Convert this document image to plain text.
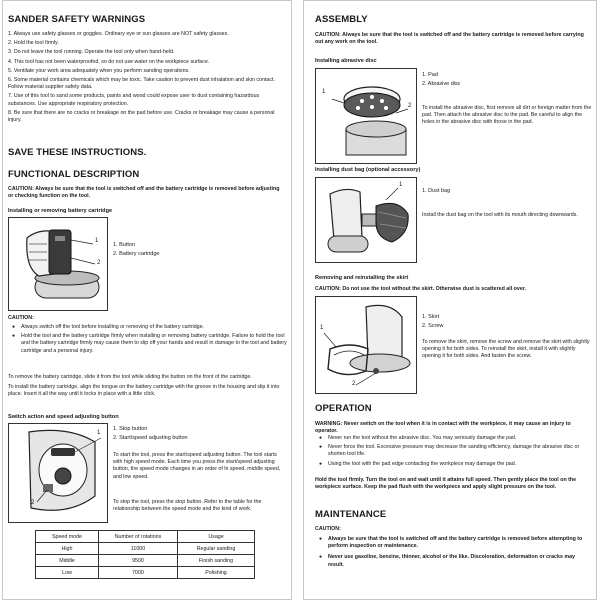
SANDER SAFETY WARNINGS
1. Always use safety glasses or goggles. Ordinary eye or sun glasses are NOT safety glasses.
2. Hold the tool firmly.
3. Do not leave the tool running. Operate the tool only when hand-held.
4. This tool has not been waterproofed, so do not use water on the workpiece surface.
5. Ventilate your work area adequately when you perform sanding operations.
6. Some material contains chemicals which may be toxic. Take caution to prevent dust inhalation and skin contact. Follow material supplier safety data.
7. Use of this tool to sand some products, paints and wood could expose user to dust containing hazardous substances. Use appropriate respiratory protection.
8. Be sure that there are no cracks or breakage on the pad before use. Cracks or breakage may cause a personal injury.
SAVE THESE INSTRUCTIONS.
FUNCTIONAL DESCRIPTION
CAUTION: Always be sure that the tool is switched off and the battery cartridge is removed before adjusting or checking function on the tool.
Installing or removing battery cartridge
1
2
1. Button
2. Battery cartridge
CAUTION:
● Always switch off the tool before installing or removing of the battery cartridge.
● Hold the tool and the battery cartridge firmly when installing or removing battery cartridge. Failure to hold the tool and the battery cartridge firmly may cause them to slip off your hands and result in damage to the tool and battery cartridge and a personal injury.
To remove the battery cartridge, slide it from the tool while sliding the button on the front of the cartridge.
To install the battery cartridge, align the tongue on the battery cartridge with the groove in the housing and slip it into place. Insert it all the way until it locks in place with a little click.
Switch action and speed adjusting button
1
2
1. Stop button
2. Start/speed adjusting button
To start the tool, press the start/speed adjusting button. The tool starts with high speed mode. Each time you press the start/speed adjusting button, the speed mode changes in an order of hi speed, middle speed, and low speed.
To stop the tool, press the stop button. Refer to the table for the relationship between the speed mode and the kind of work.
Speed mode	Number of rotations	Usage
High	11000	Regular sanding
Middle	9500	Finish sanding
Low	7000	Polishing
ASSEMBLY
CAUTION: Always be sure that the tool is switched off and the battery cartridge is removed before carrying out any work on the tool.
Installing abrasive disc
1
2
1. Pad
2. Abrasive disc
To install the abrasive disc, first remove all dirt or foreign matter from the pad. Then attach the abrasive disc to the pad. Be careful to align the holes in the abrasive disc with those in the pad.
Installing dust bag (optional accessory)
1
1. Dust bag
Install the dust bag on the tool with its mouth directing downwards.
Removing and reinstalling the skirt
CAUTION: Do not use the tool without the skirt. Otherwise dust is scattered all over.
1
2
1. Skirt
2. Screw
To remove the skirt, remove the screw and remove the skirt with slightly opening it for both sides. To reinstall the skirt, install it with slightly opening it for both sides. And fasten the screw.
OPERATION
WARNING: Never switch on the tool when it is in contact with the workpiece, it may cause an injury to operator.
● Never run the tool without the abrasive disc. You may seriously damage the pad.
● Never force the tool. Excessive pressure may decrease the sanding efficiency, damage the abrasive disc or shorten tool life.
● Using the tool with the pad edge contacting the workpiece may damage the pad.
Hold the tool firmly. Turn the tool on and wait until it attains full speed. Then gently place the tool on the workpiece surface. Keep the pad flush with the workpiece and apply slight pressure on the tool.
MAINTENANCE
CAUTION:
● Always be sure that the tool is switched off and the battery cartridge is removed before attempting to perform inspection or maintenance.
● Never use gasoline, benzine, thinner, alcohol or the like. Discoloration, deformation or cracks may result.
